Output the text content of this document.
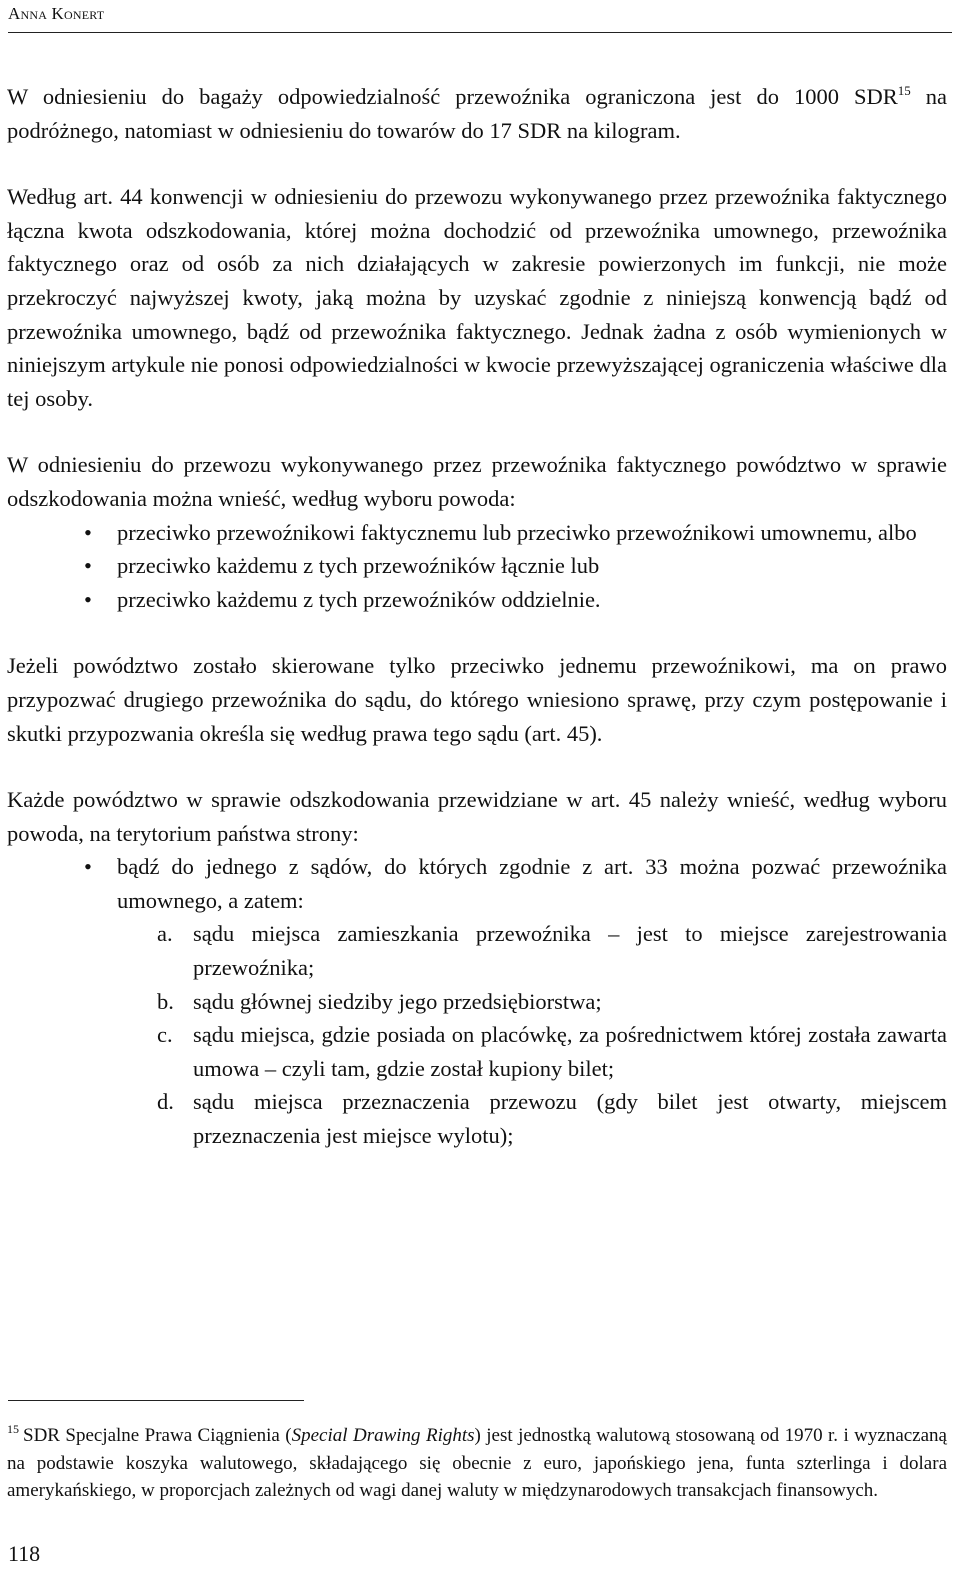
Anna Konert

W odniesieniu do bagaży odpowiedzialność przewoźnika ograniczona jest do 1000 SDR$^{15}$ na podróżnego, natomiast w odniesieniu do towarów do 17 SDR na kilogram.

Według art. 44 konwencji w odniesieniu do przewozu wykonywanego przez przewoźnika faktycznego łączna kwota odszkodowania, której można dochodzić od przewoźnika umownego, przewoźnika faktycznego oraz od osób za nich działających w zakresie powierzonych im funkcji, nie może przekroczyć najwyższej kwoty, jaką można by uzyskać zgodnie z niniejszą konwencją bądź od przewoźnika umownego, bądź od przewoźnika faktycznego. Jednak żadna z osób wymienionych w niniejszym artykule nie ponosi odpowiedzialności w kwocie przewyższającej ograniczenia właściwe dla tej osoby.

W odniesieniu do przewozu wykonywanego przez przewoźnika faktycznego powództwo w sprawie odszkodowania można wnieść, według wyboru powoda:

• przeciwko przewoźnikowi faktycznemu lub przeciwko przewoźnikowi umownemu, albo
• przeciwko każdemu z tych przewoźników łącznie lub
• przeciwko każdemu z tych przewoźników oddzielnie.

Jeżeli powództwo zostało skierowane tylko przeciwko jednemu przewoźnikowi, ma on prawo przypozwać drugiego przewoźnika do sądu, do którego wniesiono sprawę, przy czym postępowanie i skutki przypozwania określa się według prawa tego sądu (art. 45).

Każde powództwo w sprawie odszkodowania przewidziane w art. 45 należy wnieść, według wyboru powoda, na terytorium państwa strony:

• bądź do jednego z sądów, do których zgodnie z art. 33 można pozwać przewoźnika umownego, a zatem:
a. sądu miejsca zamieszkania przewoźnika – jest to miejsce zarejestrowania przewoźnika;
b. sądu głównej siedziby jego przedsiębiorstwa;
c. sądu miejsca, gdzie posiada on placówkę, za pośrednictwem której została zawarta umowa – czyli tam, gdzie został kupiony bilet;
d. sądu miejsca przeznaczenia przewozu (gdy bilet jest otwarty, miejscem przeznaczenia jest miejsce wylotu);
$^{15}$ SDR Specjalne Prawa Ciągnienia (Special Drawing Rights) jest jednostką walutową stosowaną od 1970 r. i wyznaczaną na podstawie koszyka walutowego, składającego się obecnie z euro, japońskiego jena, funta szterlinga i dolara amerykańskiego, w proporcjach zależnych od wagi danej waluty w międzynarodowych transakcjach finansowych.
118
